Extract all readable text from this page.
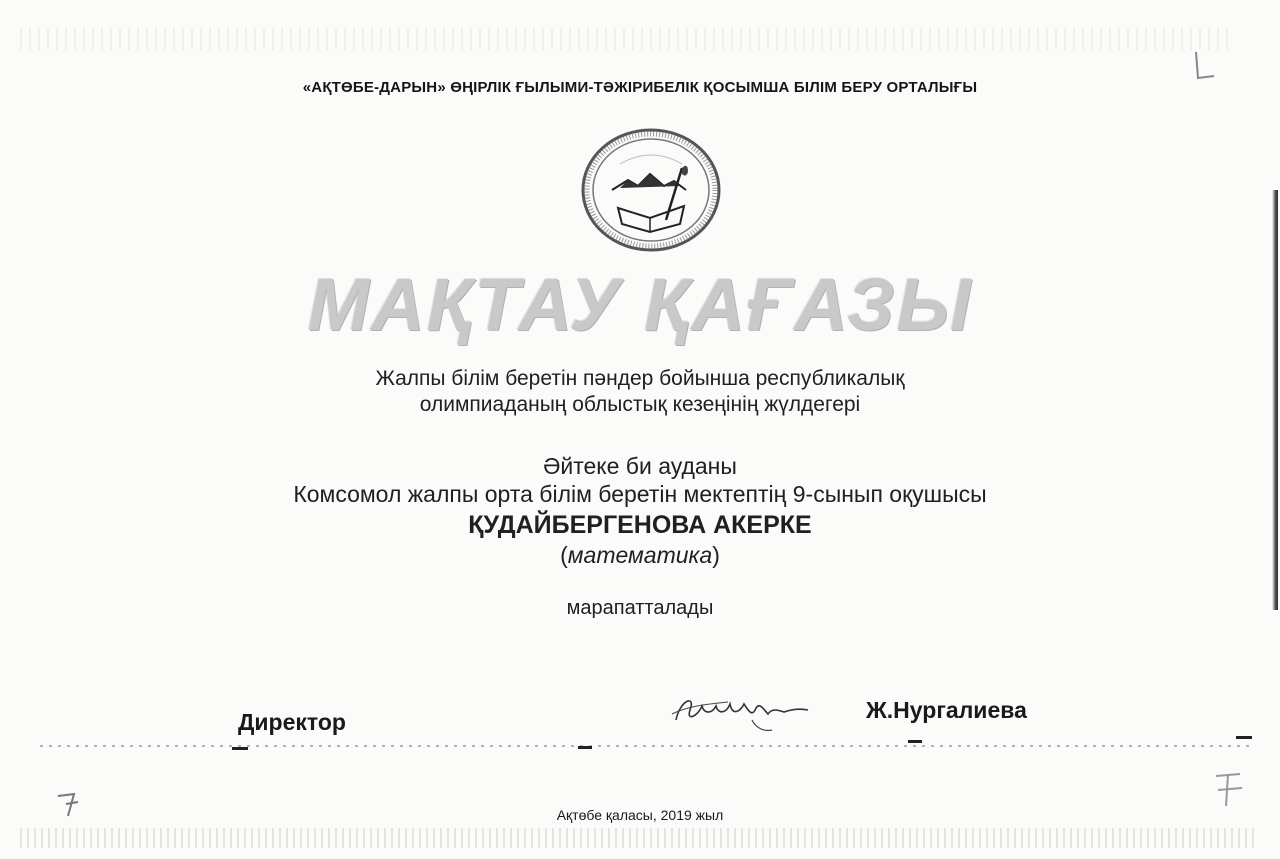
«АҚТӨБЕ-ДАРЫН» ӨҢІРЛІК ҒЫЛЫМИ-ТӘЖІРИБЕЛІК ҚОСЫМША БІЛІМ БЕРУ ОРТАЛЫҒЫ
МАҚТАУ ҚАҒАЗЫ
Жалпы білім беретін пәндер бойынша республикалық
олимпиаданың облыстық кезеңінің жүлдегері
Әйтеке би ауданы
Комсомол жалпы орта білім беретін мектептің 9-сынып оқушысы
ҚУДАЙБЕРГЕНОВА АКЕРКЕ
(математика)
марапатталады
Директор	Ж.Нургалиева
Ақтөбе қаласы, 2019 жыл
